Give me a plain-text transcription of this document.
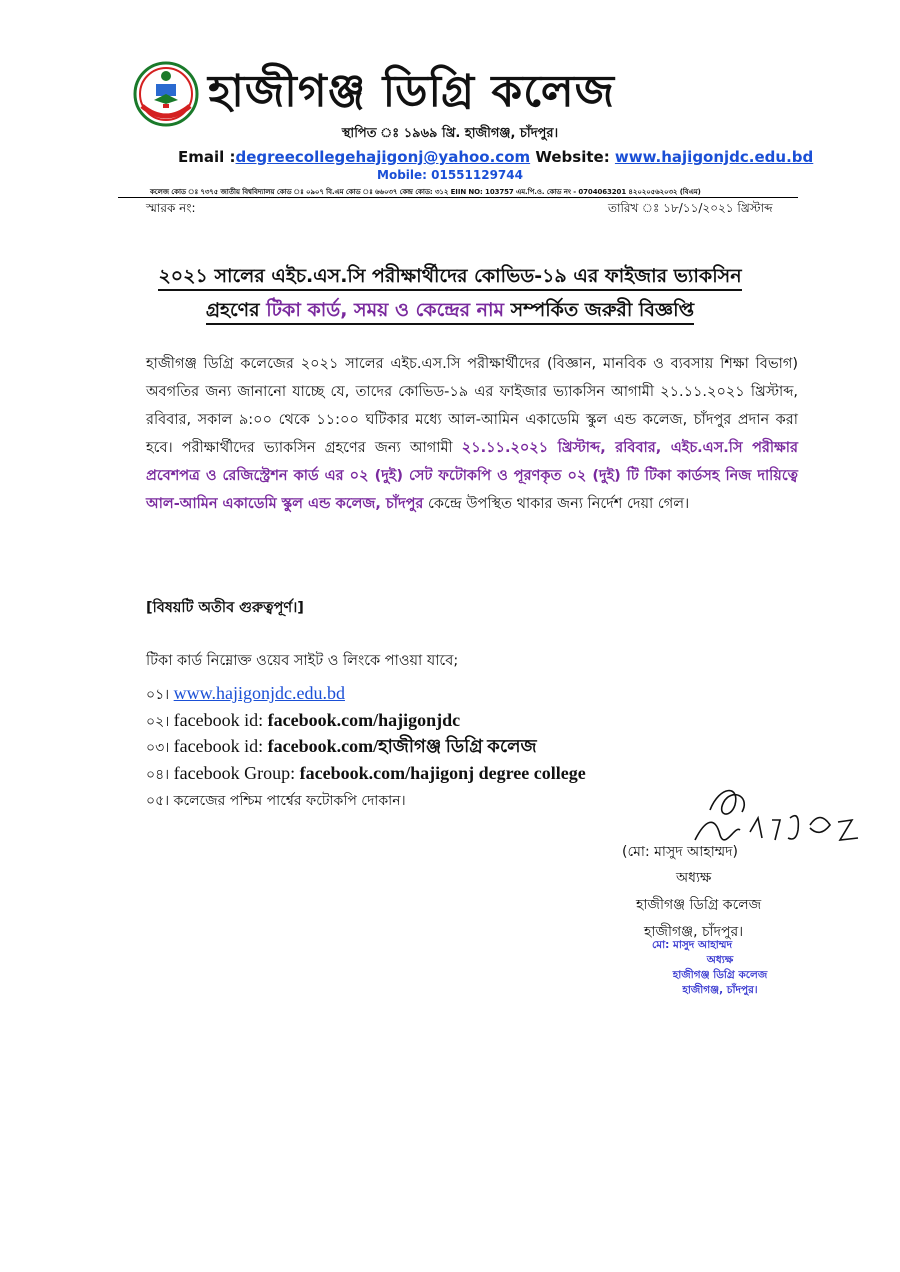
হাজীগঞ্জ ডিগ্রি কলেজ
স্থাপিত ঃ ১৯৬৯ খ্রি. হাজীগঞ্জ, চাঁদপুর।
Email :degreecollegehajigonj@yahoo.com Website: www.hajigonjdc.edu.bd
Mobile: 01551129744
কলেজ কোড ঃ ৭৩৭৫ জাতীয় বিশ্ববিদ্যালয় কোড ঃ ০৯০৭ বি.এম কোড ঃ ৬৬০৩৭ কেন্দ্র কোড: ৩১২ EIIN NO: 103757 এম.পি.ও. কোড নং - 0704063201 ৪২০২০৫৬২০৩২ (বিএম)
স্মারক নং:	তারিখ ঃ ১৮/১১/২০২১ খ্রিস্টাব্দ
২০২১ সালের এইচ.এস.সি পরীক্ষার্থীদের কোভিড-১৯ এর ফাইজার ভ্যাকসিন
গ্রহণের টিকা কার্ড, সময় ও কেন্দ্রের নাম সম্পর্কিত জরুরী বিজ্ঞপ্তি
হাজীগঞ্জ ডিগ্রি কলেজের ২০২১ সালের এইচ.এস.সি পরীক্ষার্থীদের (বিজ্ঞান, মানবিক ও ব্যবসায় শিক্ষা বিভাগ) অবগতির জন্য জানানো যাচ্ছে যে, তাদের কোভিড-১৯ এর ফাইজার ভ্যাকসিন আগামী ২১.১১.২০২১ খ্রিস্টাব্দ, রবিবার, সকাল ৯:০০ থেকে ১১:০০ ঘটিকার মধ্যে আল-আমিন একাডেমি স্কুল এন্ড কলেজ, চাঁদপুর প্রদান করা হবে। পরীক্ষার্থীদের ভ্যাকসিন গ্রহণের জন্য আগামী ২১.১১.২০২১ খ্রিস্টাব্দ, রবিবার, এইচ.এস.সি পরীক্ষার প্রবেশপত্র ও রেজিস্ট্রেশন কার্ড এর ০২ (দুই) সেট ফটোকপি ও পূরণকৃত ০২ (দুই) টি টিকা কার্ডসহ নিজ দায়িত্বে আল-আমিন একাডেমি স্কুল এন্ড কলেজ, চাঁদপুর কেন্দ্রে উপস্থিত থাকার জন্য নির্দেশ দেয়া গেল।
[বিষয়টি অতীব গুরুত্বপূর্ণ।]
টিকা কার্ড নিম্নোক্ত ওয়েব সাইট ও লিংকে পাওয়া যাবে;
০১। www.hajigonjdc.edu.bd
০২। facebook id: facebook.com/hajigonjdc
০৩। facebook id: facebook.com/হাজীগঞ্জ ডিগ্রি কলেজ
০৪। facebook Group: facebook.com/hajigonj degree college
০৫। কলেজের পশ্চিম পার্শ্বের ফটোকপি দোকান।
(মো: মাসুদ আহাম্মদ)
অধ্যক্ষ
হাজীগঞ্জ ডিগ্রি কলেজ
হাজীগঞ্জ, চাঁদপুর।
মো: মাসুদ আহাম্মদ
অধ্যক্ষ
হাজীগঞ্জ ডিগ্রি কলেজ
হাজীগঞ্জ, চাঁদপুর।
